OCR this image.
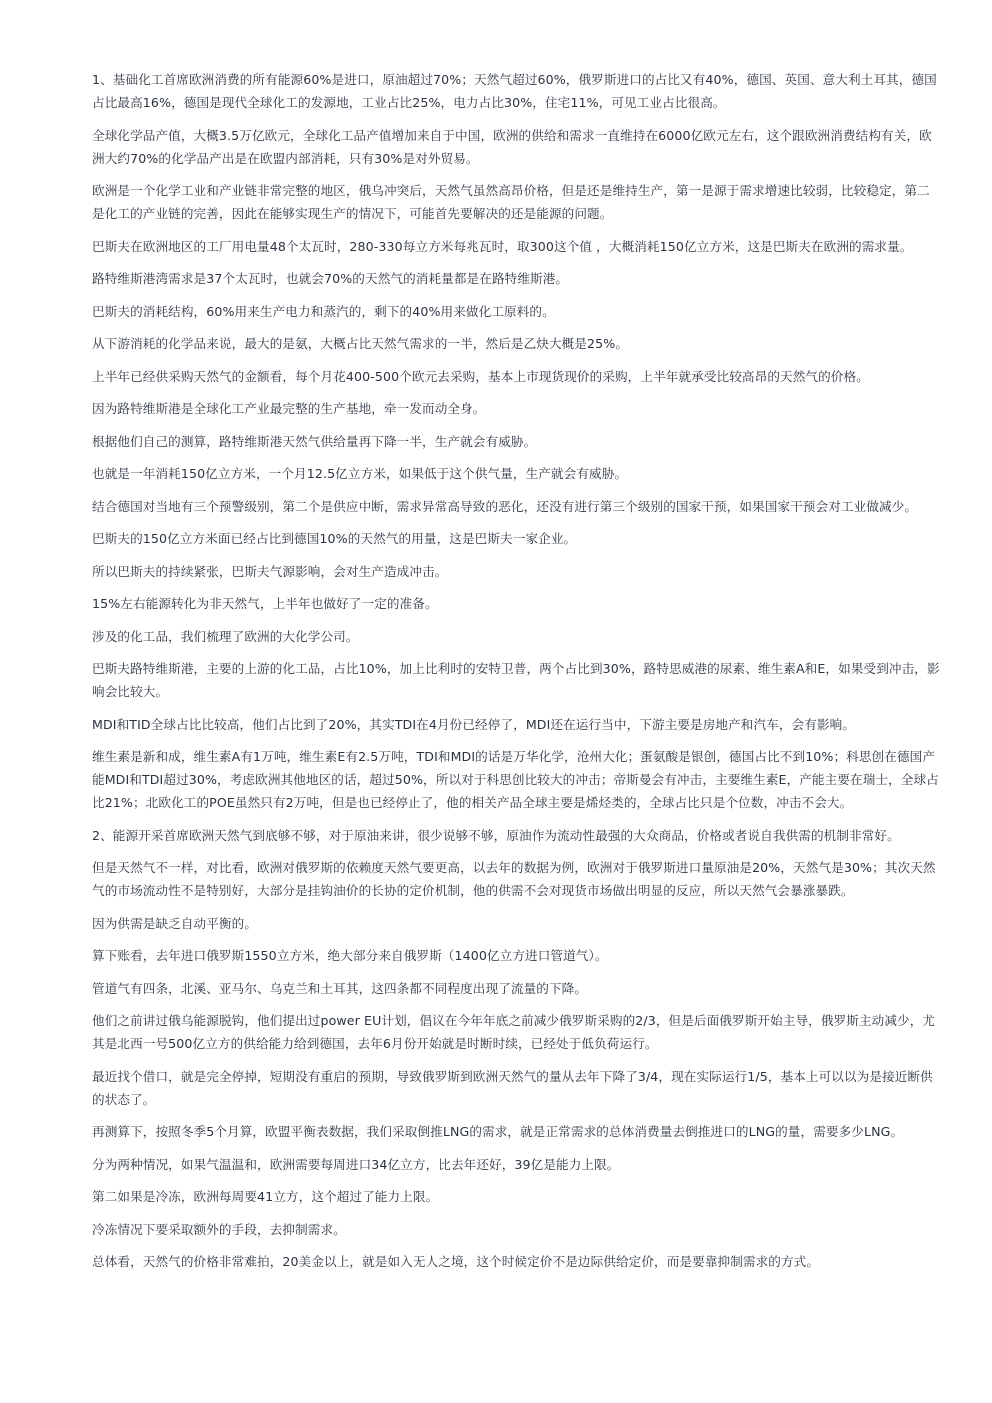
1、基础化工首席欧洲消费的所有能源60%是进口，原油超过70%；天然气超过60%，俄罗斯进口的占比又有40%，德国、英国、意大利土耳其，德国占比最高16%，德国是现代全球化工的发源地，工业占比25%，电力占比30%，住宅11%，可见工业占比很高。

全球化学品产值，大概3.5万亿欧元，全球化工品产值增加来自于中国，欧洲的供给和需求一直维持在6000亿欧元左右，这个跟欧洲消费结构有关，欧洲大约70%的化学品产出是在欧盟内部消耗，只有30%是对外贸易。

欧洲是一个化学工业和产业链非常完整的地区，俄乌冲突后，天然气虽然高昂价格，但是还是维持生产，第一是源于需求增速比较弱，比较稳定，第二是化工的产业链的完善，因此在能够实现生产的情况下，可能首先要解决的还是能源的问题。

巴斯夫在欧洲地区的工厂用电量48个太瓦时，280-330每立方米每兆瓦时，取300这个值 ，大概消耗150亿立方米，这是巴斯夫在欧洲的需求量。

路特维斯港湾需求是37个太瓦时，也就会70%的天然气的消耗量都是在路特维斯港。

巴斯夫的消耗结构，60%用来生产电力和蒸汽的，剩下的40%用来做化工原料的。

从下游消耗的化学品来说，最大的是氨，大概占比天然气需求的一半，然后是乙炔大概是25%。

上半年已经供采购天然气的金额看，每个月花400-500个欧元去采购，基本上市现货现价的采购，上半年就承受比较高昂的天然气的价格。

因为路特维斯港是全球化工产业最完整的生产基地，牵一发而动全身。

根据他们自己的测算，路特维斯港天然气供给量再下降一半，生产就会有威胁。

也就是一年消耗150亿立方米，一个月12.5亿立方米，如果低于这个供气量，生产就会有威胁。

结合德国对当地有三个预警级别，第二个是供应中断，需求异常高导致的恶化，还没有进行第三个级别的国家干预，如果国家干预会对工业做减少。

巴斯夫的150亿立方米面已经占比到德国10%的天然气的用量，这是巴斯夫一家企业。

所以巴斯夫的持续紧张，巴斯夫气源影响，会对生产造成冲击。

15%左右能源转化为非天然气，上半年也做好了一定的准备。

涉及的化工品，我们梳理了欧洲的大化学公司。

巴斯夫路特维斯港，主要的上游的化工品，占比10%，加上比利时的安特卫普，两个占比到30%，路特思威港的尿素、维生素A和E，如果受到冲击，影响会比较大。

MDI和TID全球占比比较高，他们占比到了20%，其实TDI在4月份已经停了，MDI还在运行当中，下游主要是房地产和汽车，会有影响。

维生素是新和成，维生素A有1万吨，维生素E有2.5万吨，TDI和MDI的话是万华化学，沧州大化；蛋氨酸是银创，德国占比不到10%；科思创在德国产能MDI和TDI超过30%，考虑欧洲其他地区的话，超过50%，所以对于科思创比较大的冲击；帝斯曼会有冲击，主要维生素E，产能主要在瑞士，全球占比21%；北欧化工的POE虽然只有2万吨，但是也已经停止了，他的相关产品全球主要是烯烃类的，全球占比只是个位数，冲击不会大。

2、能源开采首席欧洲天然气到底够不够，对于原油来讲，很少说够不够，原油作为流动性最强的大众商品，价格或者说自我供需的机制非常好。

但是天然气不一样，对比看，欧洲对俄罗斯的依赖度天然气要更高，以去年的数据为例，欧洲对于俄罗斯进口量原油是20%，天然气是30%；其次天然气的市场流动性不是特别好，大部分是挂钩油价的长协的定价机制，他的供需不会对现货市场做出明显的反应，所以天然气会暴涨暴跌。

因为供需是缺乏自动平衡的。

算下账看，去年进口俄罗斯1550立方米，绝大部分来自俄罗斯（1400亿立方进口管道气）。

管道气有四条，北溪、亚马尔、乌克兰和土耳其，这四条都不同程度出现了流量的下降。

他们之前讲过俄乌能源脱钩，他们提出过power EU计划，倡议在今年年底之前减少俄罗斯采购的2/3，但是后面俄罗斯开始主导，俄罗斯主动减少，尤其是北西一号500亿立方的供给能力给到德国，去年6月份开始就是时断时续，已经处于低负荷运行。

最近找个借口，就是完全停掉，短期没有重启的预期，导致俄罗斯到欧洲天然气的量从去年下降了3/4，现在实际运行1/5，基本上可以以为是接近断供的状态了。

再测算下，按照冬季5个月算，欧盟平衡表数据，我们采取倒推LNG的需求，就是正常需求的总体消费量去倒推进口的LNG的量，需要多少LNG。

分为两种情况，如果气温温和，欧洲需要每周进口34亿立方，比去年还好，39亿是能力上限。

第二如果是冷冻，欧洲每周要41立方，这个超过了能力上限。

冷冻情况下要采取额外的手段，去抑制需求。

总体看，天然气的价格非常难拍，20美金以上，就是如入无人之境，这个时候定价不是边际供给定价，而是要靠抑制需求的方式。
